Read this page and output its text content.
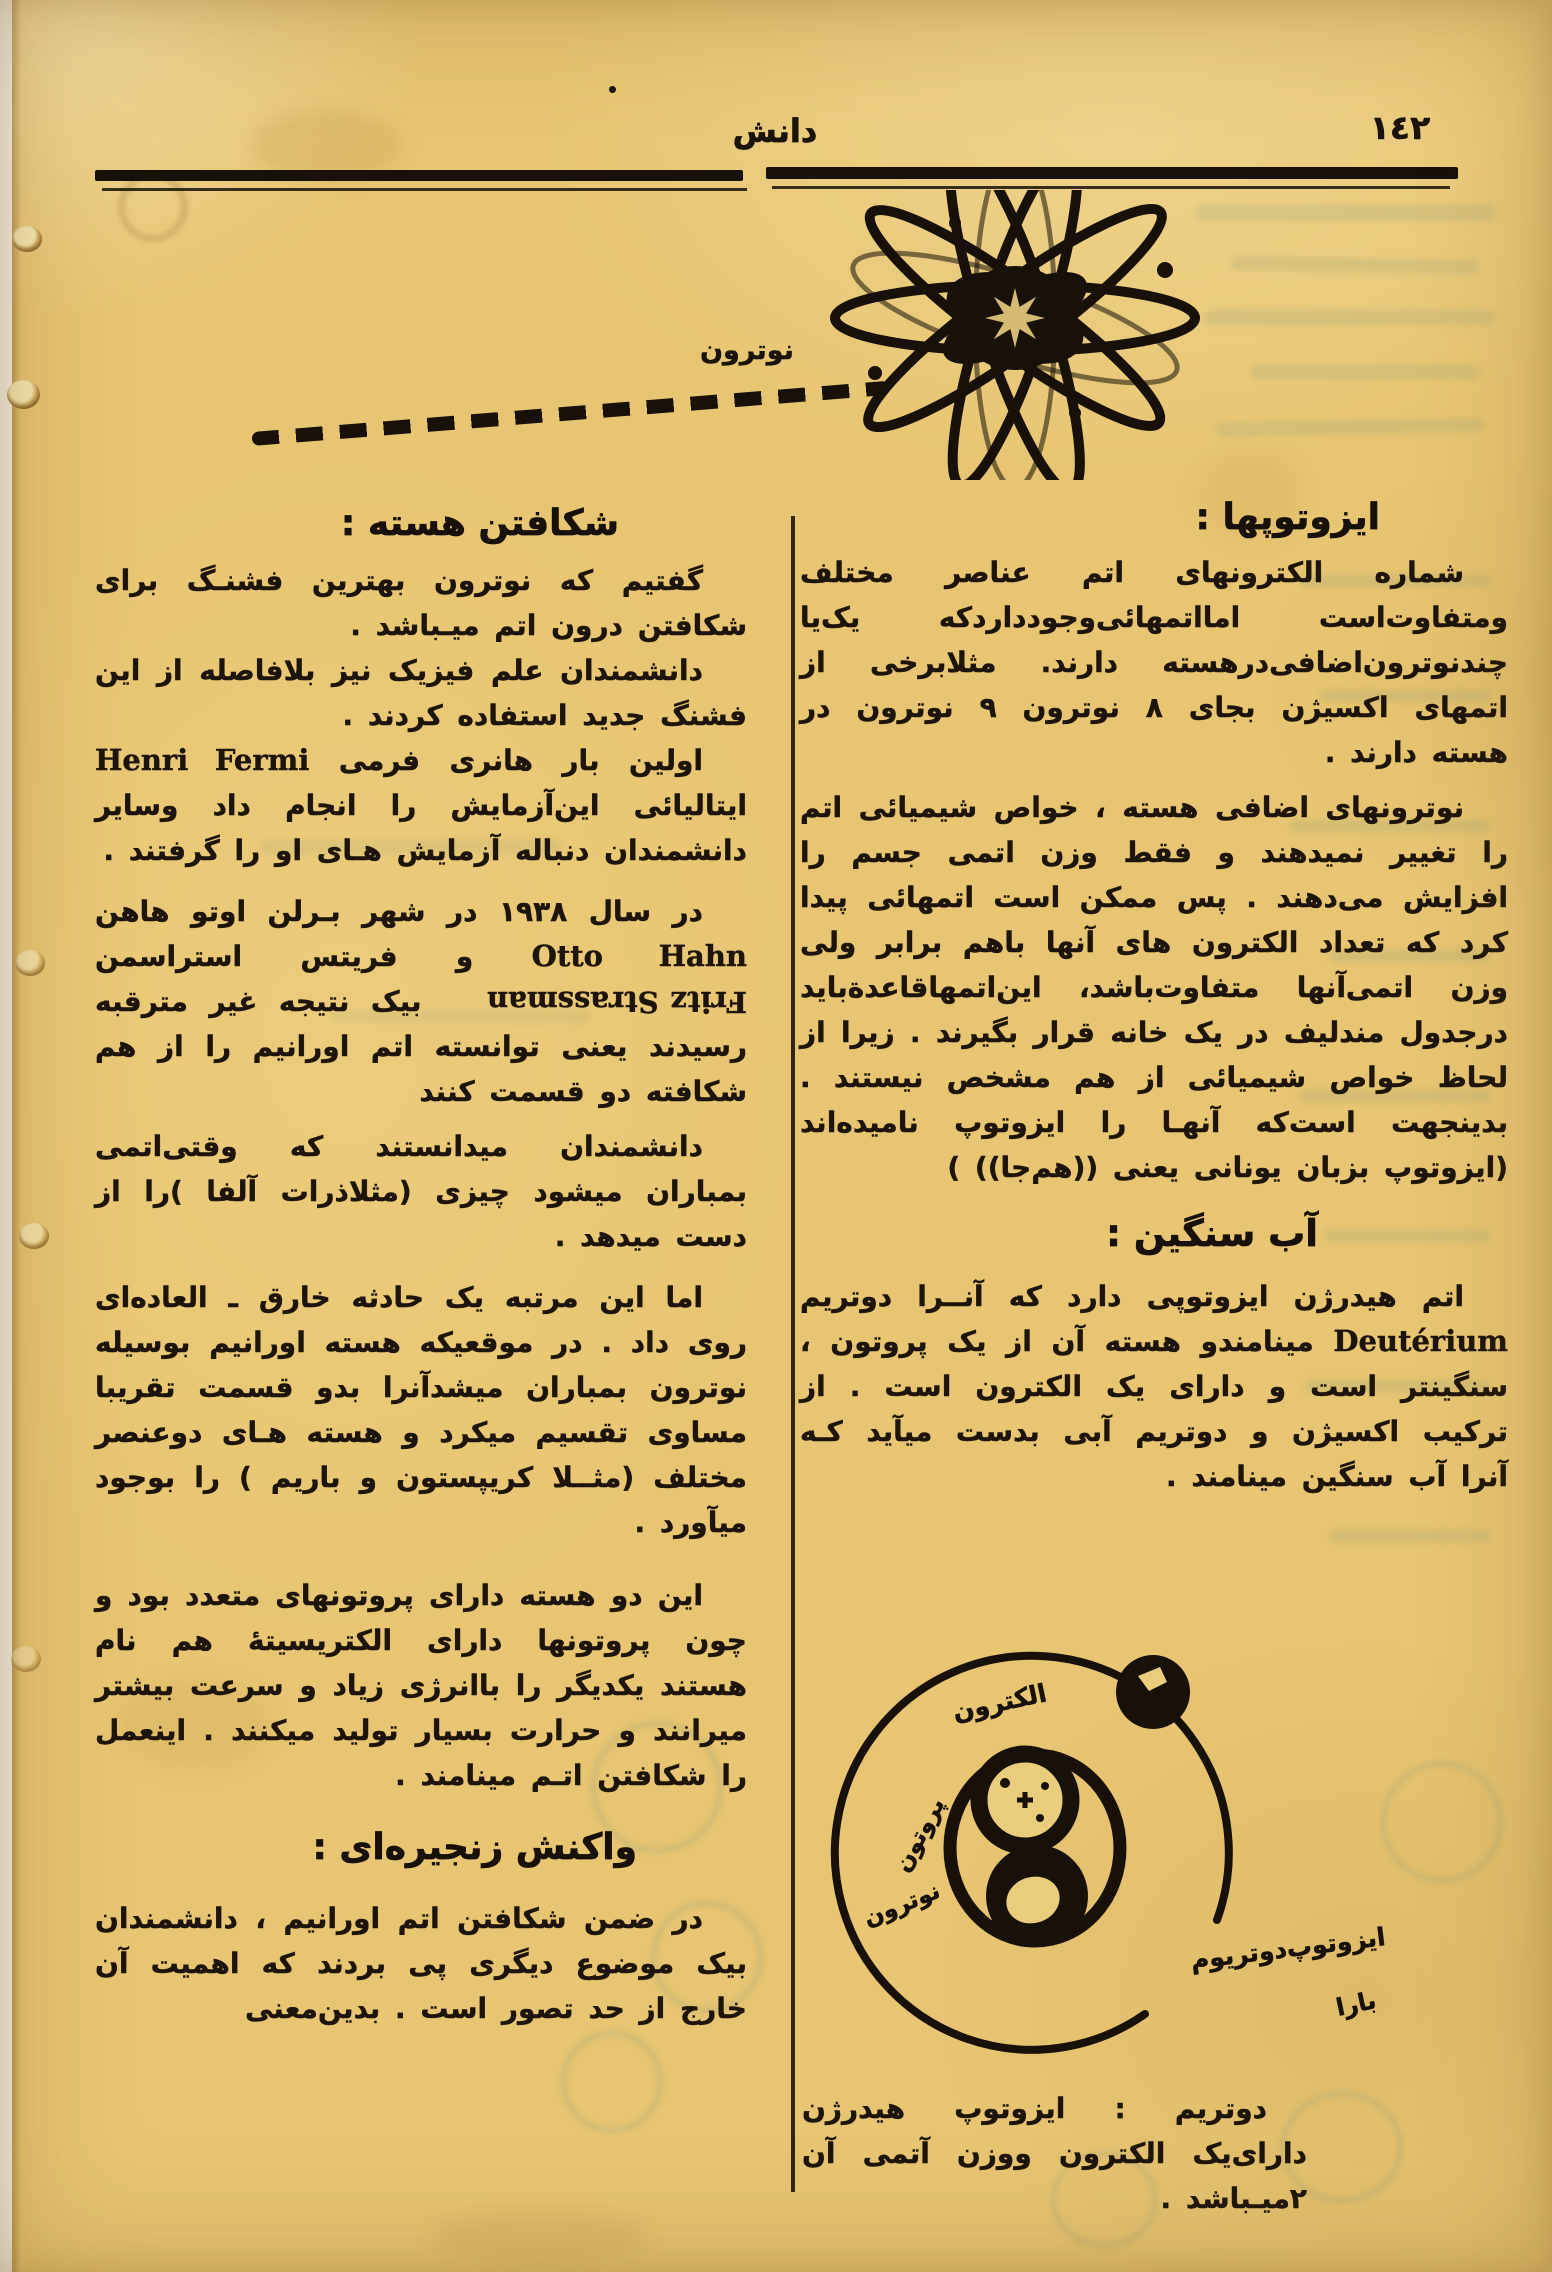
دانش	١٤٢
نوترون
ایزوتوپها :

شماره الکترونهای اتم عناصر مختلف ومتفاوت‌است امااتمهائی‌وجودداردکه یک‌یا چندنوترون‌اضافی‌درهسته دارند. مثلابرخی از اتمهای اکسیژن بجای ٨ نوترون ٩ نوترون در هسته دارند .

نوترونهای اضافی هسته ، خواص شیمیائی اتم را تغییر نمیدهند و فقط وزن اتمی جسم را افزایش می‌دهند . پس ممکن است اتمهائی پیدا کرد که تعداد الکترون های آنها باهم برابر ولی وزن اتمی‌آنها متفاوت‌باشد، این‌اتمهاقاعدةباید درجدول مندلیف در یک خانه قرار بگیرند . زیرا از لحاظ خواص شیمیائی از هم مشخص نیستند . بدینجهت است‌که آنهـا را ایزوتوپ نامیده‌اند (ایزوتوپ بزبان یونانی یعنی ((هم‌جا)) )

آب سنگین :

اتم هیدرژن ایزوتوپی دارد که آنــرا دوتریم Deutérium مینامندو هسته آن از یک پروتون ، سنگینتر است و دارای یک الکترون است . از ترکیب اکسیژن و دوتریم آبی بدست میآید کـه آنرا آب سنگین مینامند .

شکافتن هسته :

گفتیم که نوترون بهترین فشنـگ برای شکافتن درون اتم میـباشد .

دانشمندان علم فیزیک نیز بلافاصله از این فشنگ جدید استفاده کردند .

اولین بار هانری فرمی Henri Fermi ایتالیائی این‌آزمایش را انجام داد وسایر دانشمندان دنباله آزمایش هـای او را گرفتند .

در سال ١٩٣٨ در شهر بـرلن اوتو هاهن Otto Hahn و فریتس استراسمن Fritz Strassman بیک نتیجه غیر مترقبه رسیدند یعنی توانسته اتم اورانیم را از هم شکافته دو قسمت کنند

دانشمندان میدانستند که وقتی‌اتمی بمباران میشود چیزی (مثلاذرات آلفا )را از دست میدهد .

اما این مرتبه یک حادثه خارق ـ العاده‌ای روی داد . در موقعیکه هسته اورانیم بوسیله نوترون بمباران میشدآنرا بدو قسمت تقریبا مساوی تقسیم میکرد و هسته هـای دوعنصر مختلف (مثــلا کریپستون و باریم ) را بوجود میآورد .

این دو هسته دارای پروتونهای متعدد بود و چون پروتونها دارای الکتریسیتهٔ هم نام هستند یکدیگر را باانرژی زیاد و سرعت بیشتر میرانند و حرارت بسیار تولید میکنند . اینعمل را شکافتن اتـم مینامند .

واکنش زنجیره‌ای :

در ضمن شکافتن اتم اورانیم ، دانشمندان بیک موضوع دیگری پی بردند که اهمیت آن خارج از حد تصور است . بدین‌معنی

الکترون
پروتون
نوترون
ایزوتوپ‌دوتریوم
بارا

دوتریم : ایزوتوپ هیدرژن دارای‌یک الکترون ووزن آتمی آن ٢میـباشد .
